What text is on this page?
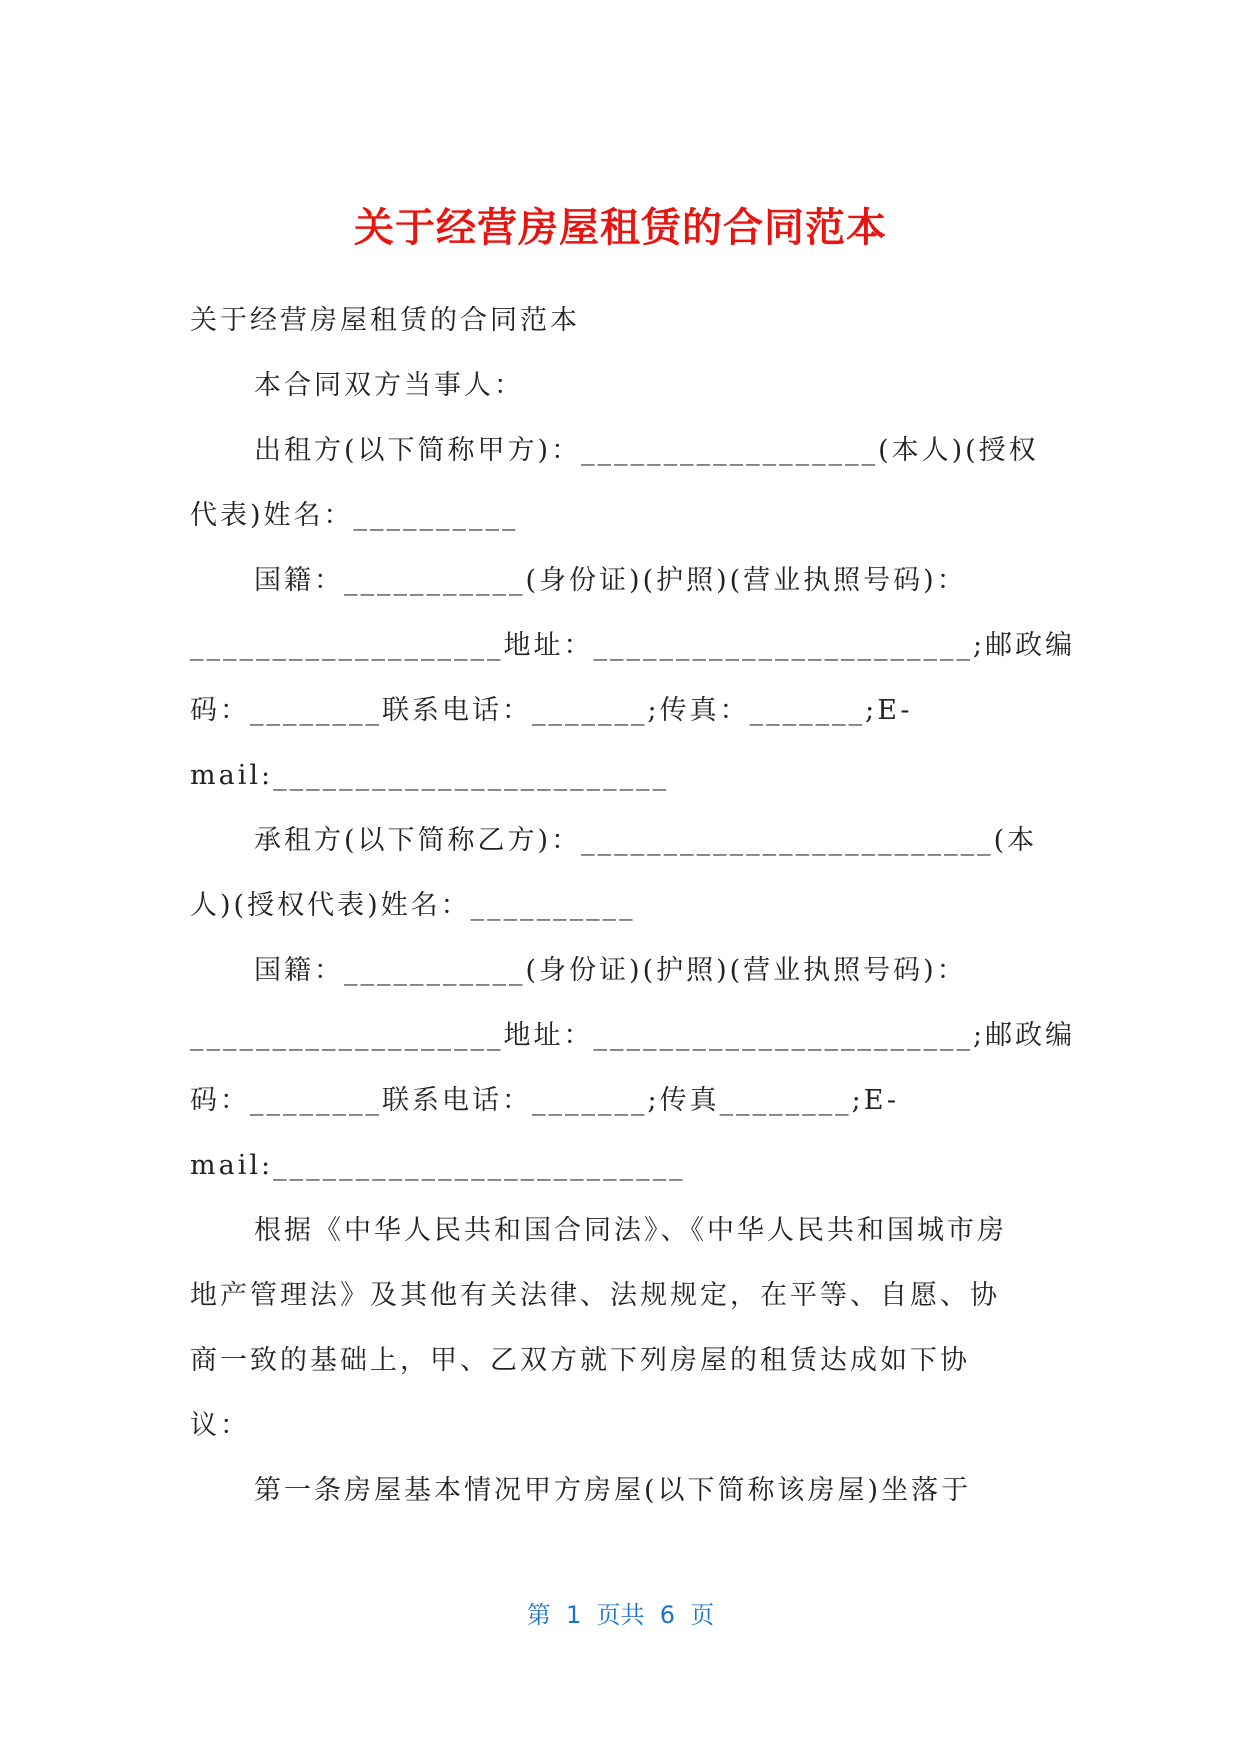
关于经营房屋租赁的合同范本
关于经营房屋租赁的合同范本
本合同双方当事人：
出租方(以下简称甲方)：__________________(本人)(授权
代表)姓名：__________
国籍：___________(身份证)(护照)(营业执照号码)：
___________________地址：_______________________;邮政编
码：________联系电话：_______;传真：_______;E-
mail:________________________
承租方(以下简称乙方)：_________________________(本
人)(授权代表)姓名：__________
国籍：___________(身份证)(护照)(营业执照号码)：
___________________地址：_______________________;邮政编
码：________联系电话：_______;传真________;E-
mail:_________________________
根据《中华人民共和国合同法》、《中华人民共和国城市房
地产管理法》及其他有关法律、法规规定，在平等、自愿、协
商一致的基础上，甲、乙双方就下列房屋的租赁达成如下协
议：
第一条房屋基本情况甲方房屋(以下简称该房屋)坐落于
第  1  页共  6  页
